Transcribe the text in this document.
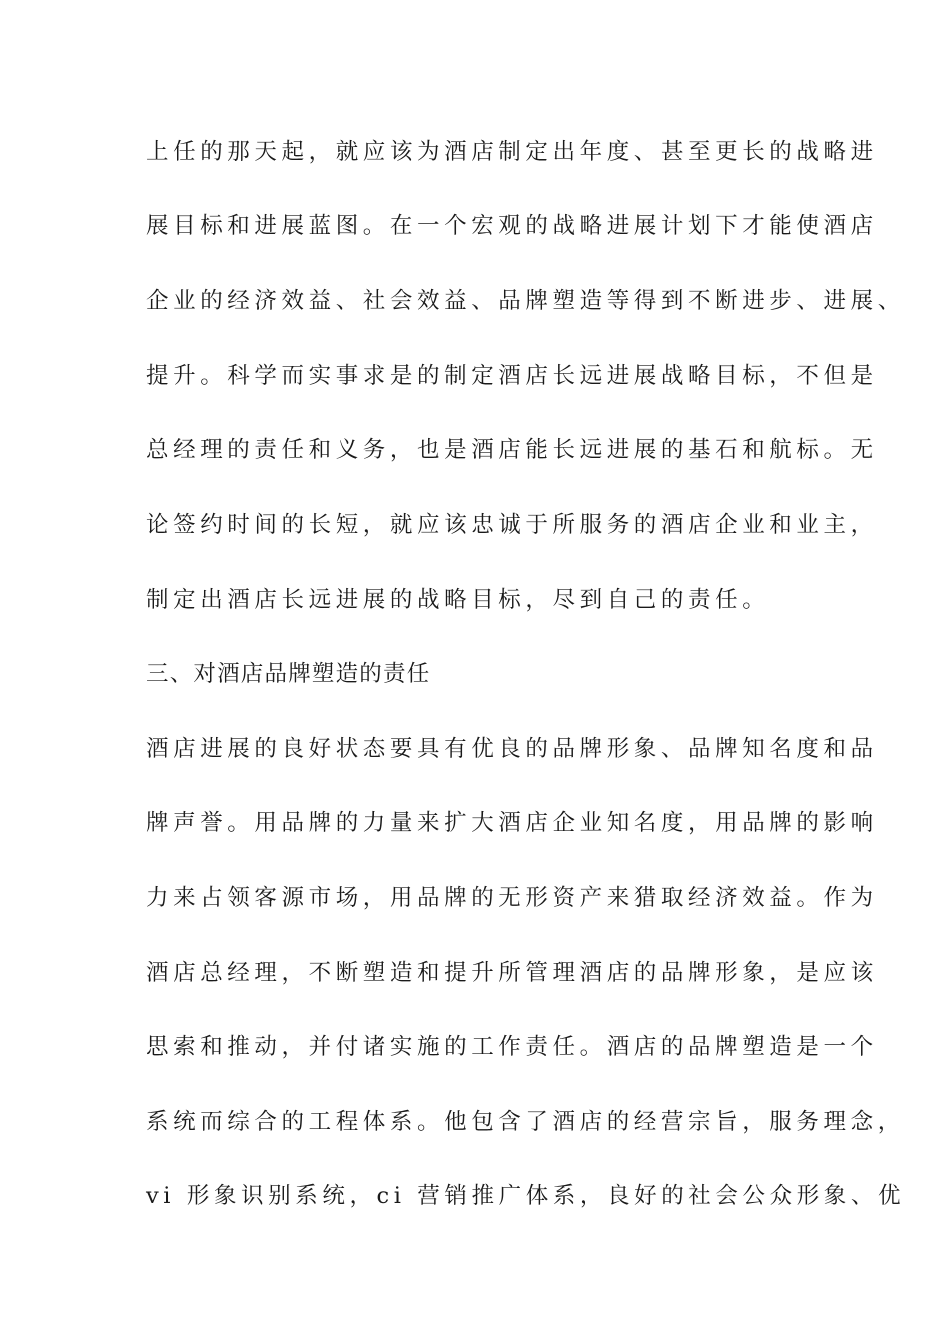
上任的那天起，就应该为酒店制定出年度、甚至更长的战略进
展目标和进展蓝图。在一个宏观的战略进展计划下才能使酒店
企业的经济效益、社会效益、品牌塑造等得到不断进步、进展、
提升。科学而实事求是的制定酒店长远进展战略目标，不但是
总经理的责任和义务，也是酒店能长远进展的基石和航标。无
论签约时间的长短，就应该忠诚于所服务的酒店企业和业主，
制定出酒店长远进展的战略目标，尽到自己的责任。
三、对酒店品牌塑造的责任
酒店进展的良好状态要具有优良的品牌形象、品牌知名度和品
牌声誉。用品牌的力量来扩大酒店企业知名度，用品牌的影响
力来占领客源市场，用品牌的无形资产来猎取经济效益。作为
酒店总经理，不断塑造和提升所管理酒店的品牌形象，是应该
思索和推动，并付诸实施的工作责任。酒店的品牌塑造是一个
系统而综合的工程体系。他包含了酒店的经营宗旨，服务理念，
vi 形象识别系统，ci 营销推广体系，良好的社会公众形象、优
